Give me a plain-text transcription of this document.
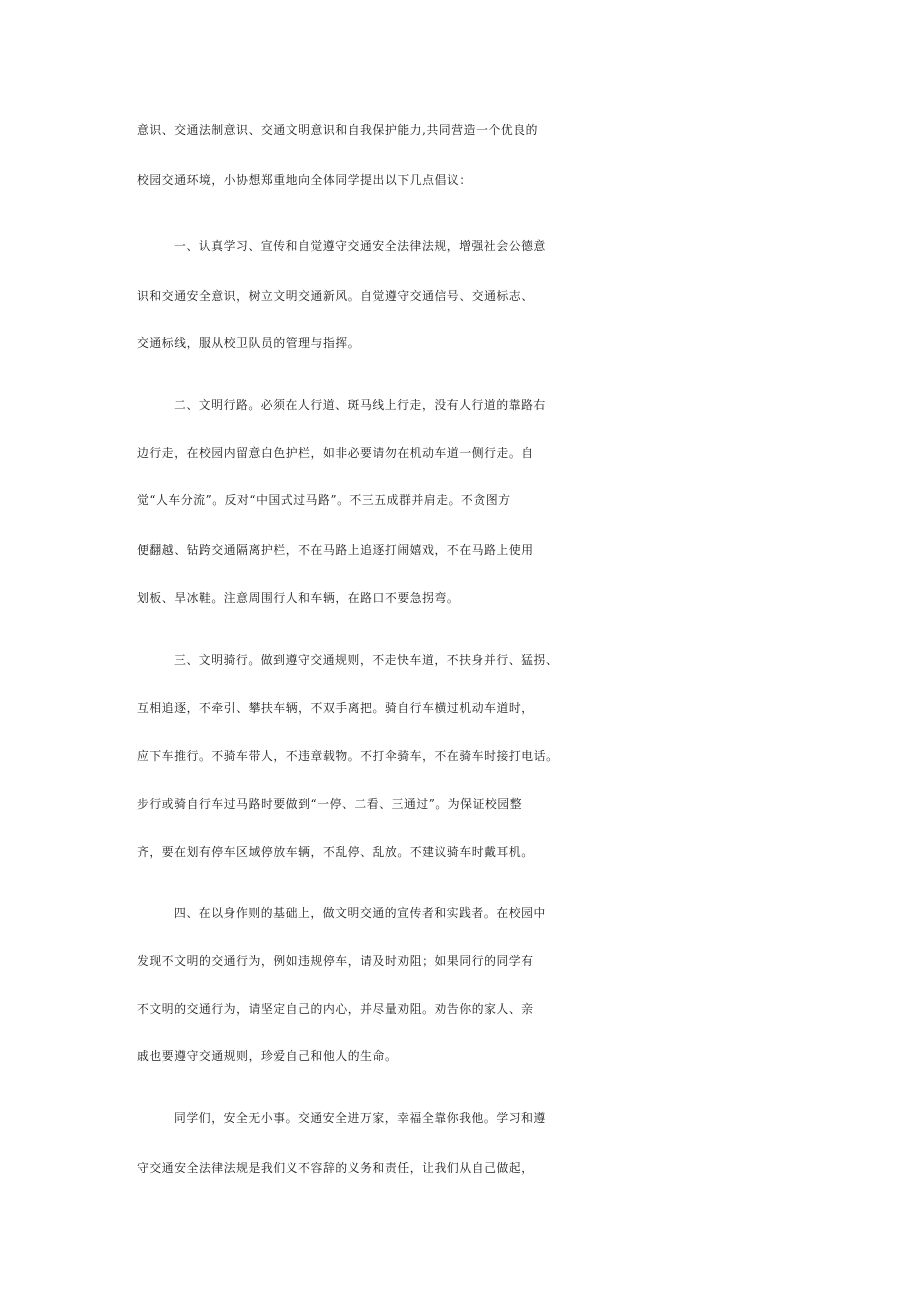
意识、交通法制意识、交通文明意识和自我保护能力,共同营造一个优良的
校园交通环境，小协想郑重地向全体同学提出以下几点倡议：
一、认真学习、宣传和自觉遵守交通安全法律法规，增强社会公德意
识和交通安全意识，树立文明交通新风。自觉遵守交通信号、交通标志、
交通标线，服从校卫队员的管理与指挥。
二、文明行路。必须在人行道、斑马线上行走，没有人行道的靠路右
边行走，在校园内留意白色护栏，如非必要请勿在机动车道一侧行走。自
觉“人车分流”。反对“中国式过马路”。不三五成群并肩走。不贪图方
便翻越、钻跨交通隔离护栏，不在马路上追逐打闹嬉戏，不在马路上使用
划板、旱冰鞋。注意周围行人和车辆，在路口不要急拐弯。
三、文明骑行。做到遵守交通规则，不走快车道，不扶身并行、猛拐、
互相追逐，不牵引、攀扶车辆，不双手离把。骑自行车横过机动车道时，
应下车推行。不骑车带人，不违章载物。不打伞骑车，不在骑车时接打电话。
步行或骑自行车过马路时要做到“一停、二看、三通过”。为保证校园整
齐，要在划有停车区域停放车辆，不乱停、乱放。不建议骑车时戴耳机。
四、在以身作则的基础上，做文明交通的宣传者和实践者。在校园中
发现不文明的交通行为，例如违规停车，请及时劝阻；如果同行的同学有
不文明的交通行为，请坚定自己的内心，并尽量劝阻。劝告你的家人、亲
戚也要遵守交通规则，珍爱自己和他人的生命。
同学们，安全无小事。交通安全进万家，幸福全靠你我他。学习和遵
守交通安全法律法规是我们义不容辞的义务和责任，让我们从自己做起，
